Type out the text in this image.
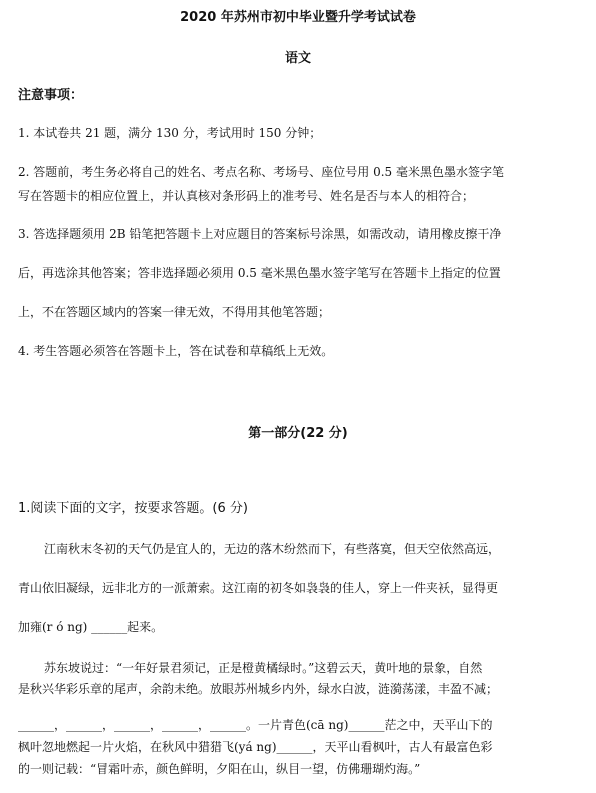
2020 年苏州市初中毕业暨升学考试试卷
语文
注意事项：
1. 本试卷共 21 题，满分 130 分，考试用时 150 分钟；
2. 答题前，考生务必将自己的姓名、考点名称、考场号、座位号用 0.5 毫米黑色墨水签字笔
写在答题卡的相应位置上，并认真核对条形码上的准考号、姓名是否与本人的相符合；
3. 答选择题须用 2B 铅笔把答题卡上对应题目的答案标号涂黑，如需改动，请用橡皮擦干净
后，再选涂其他答案；答非选择题必须用 0.5 毫米黑色墨水签字笔写在答题卡上指定的位置
上，不在答题区域内的答案一律无效，不得用其他笔答题；
4. 考生答题必须答在答题卡上，答在试卷和草稿纸上无效。
第一部分(22 分)
1.阅读下面的文字，按要求答题。(6 分)
江南秋末冬初的天气仍是宜人的，无边的落木纷然而下，有些落寞，但天空依然高远，
青山依旧凝绿，远非北方的一派萧索。这江南的初冬如袅袅的佳人，穿上一件夹袄，显得更
加雍(r ó ng) ______起来。
苏东坡说过：“一年好景君须记，正是橙黄橘绿时。”这碧云天，黄叶地的景象，自然
是秋兴华彩乐章的尾声，余韵未绝。放眼苏州城乡内外，绿水白波，涟漪荡漾，丰盈不减；
______，______，______，______，______。一片青色(cā ng)______茫之中，天平山下的
枫叶忽地燃起一片火焰，在秋风中猎猎飞(yá ng)______，天平山看枫叶，古人有最富色彩
的一则记载：“冒霜叶赤，颜色鲜明，夕阳在山，纵目一望，仿佛珊瑚灼海。”
